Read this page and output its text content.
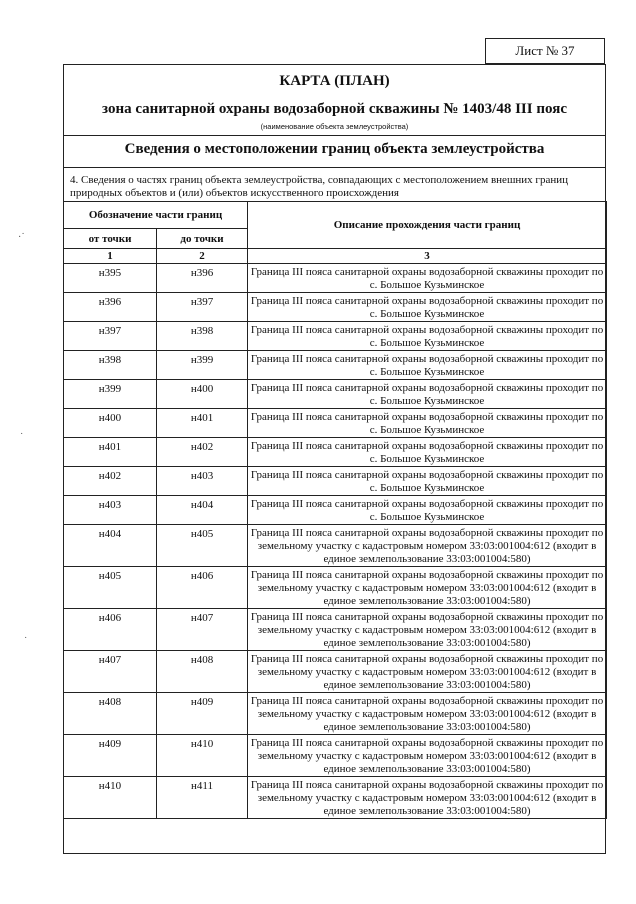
Лист № 37
КАРТА (ПЛАН)
зона санитарной охраны водозаборной скважины № 1403/48 III пояс
(наименование объекта землеустройства)
Сведения о местоположении границ объекта землеустройства
4. Сведения о частях границ объекта землеустройства, совпадающих с местоположением внешних границ природных объектов и (или) объектов искусственного происхождения
Обозначение части границ		Описание прохождения части границ
от точки	до точки	
1	2	3
н395	н396	Граница III пояса санитарной охраны водозаборной скважины проходит по с. Большое Кузьминское
н396	н397	Граница III пояса санитарной охраны водозаборной скважины проходит по с. Большое Кузьминское
н397	н398	Граница III пояса санитарной охраны водозаборной скважины проходит по с. Большое Кузьминское
н398	н399	Граница III пояса санитарной охраны водозаборной скважины проходит по с. Большое Кузьминское
н399	н400	Граница III пояса санитарной охраны водозаборной скважины проходит по с. Большое Кузьминское
н400	н401	Граница III пояса санитарной охраны водозаборной скважины проходит по с. Большое Кузьминское
н401	н402	Граница III пояса санитарной охраны водозаборной скважины проходит по с. Большое Кузьминское
н402	н403	Граница III пояса санитарной охраны водозаборной скважины проходит по с. Большое Кузьминское
н403	н404	Граница III пояса санитарной охраны водозаборной скважины проходит по с. Большое Кузьминское
н404	н405	Граница III пояса санитарной охраны водозаборной скважины проходит по земельному участку с кадастровым номером 33:03:001004:612 (входит в единое землепользование 33:03:001004:580)
н405	н406	Граница III пояса санитарной охраны водозаборной скважины проходит по земельному участку с кадастровым номером 33:03:001004:612 (входит в единое землепользование 33:03:001004:580)
н406	н407	Граница III пояса санитарной охраны водозаборной скважины проходит по земельному участку с кадастровым номером 33:03:001004:612 (входит в единое землепользование 33:03:001004:580)
н407	н408	Граница III пояса санитарной охраны водозаборной скважины проходит по земельному участку с кадастровым номером 33:03:001004:612 (входит в единое землепользование 33:03:001004:580)
н408	н409	Граница III пояса санитарной охраны водозаборной скважины проходит по земельному участку с кадастровым номером 33:03:001004:612 (входит в единое землепользование 33:03:001004:580)
н409	н410	Граница III пояса санитарной охраны водозаборной скважины проходит по земельному участку с кадастровым номером 33:03:001004:612 (входит в единое землепользование 33:03:001004:580)
н410	н411	Граница III пояса санитарной охраны водозаборной скважины проходит по земельному участку с кадастровым номером 33:03:001004:612 (входит в единое землепользование 33:03:001004:580)
·˙
˙
˙
